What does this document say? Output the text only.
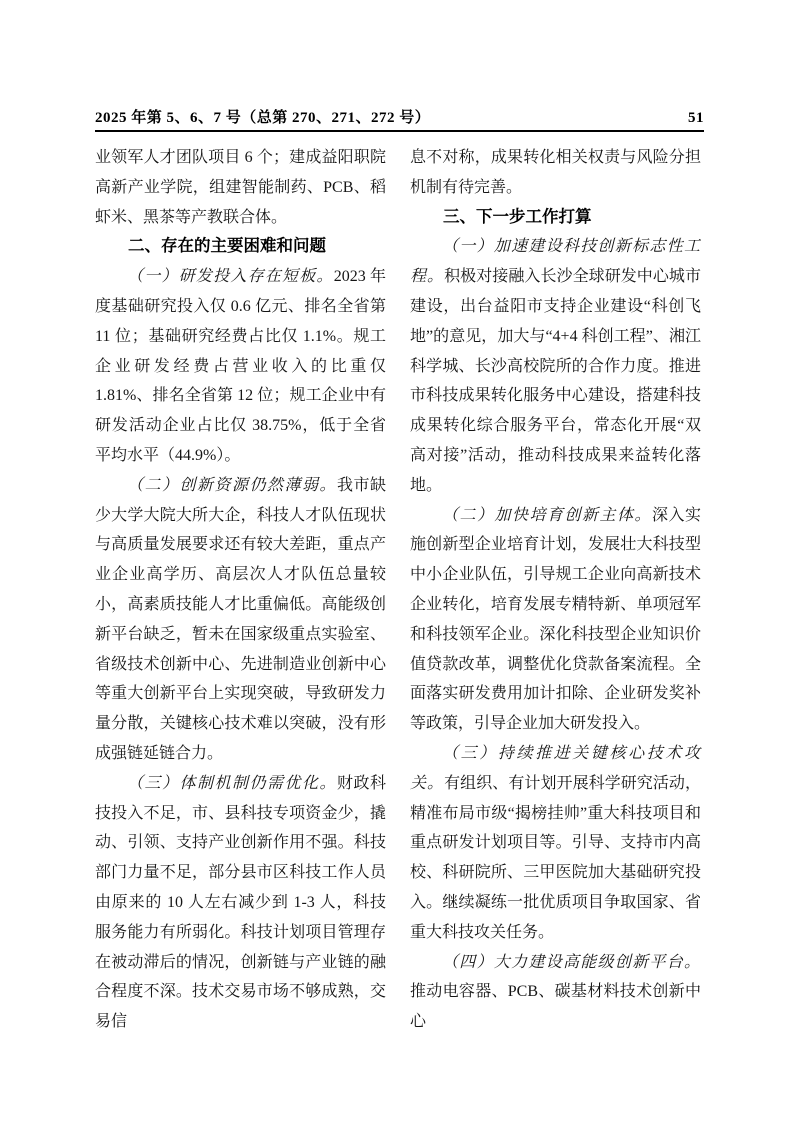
2025 年第 5、6、7 号（总第 270、271、272 号）	51

业领军人才团队项目 6 个；建成益阳职院高新产业学院，组建智能制药、PCB、稻虾米、黑茶等产教联合体。

二、存在的主要困难和问题

（一）研发投入存在短板。2023 年度基础研究投入仅 0.6 亿元、排名全省第 11 位；基础研究经费占比仅 1.1%。规工企业研发经费占营业收入的比重仅 1.81%、排名全省第 12 位；规工企业中有研发活动企业占比仅 38.75%，低于全省平均水平（44.9%）。

（二）创新资源仍然薄弱。我市缺少大学大院大所大企，科技人才队伍现状与高质量发展要求还有较大差距，重点产业企业高学历、高层次人才队伍总量较小，高素质技能人才比重偏低。高能级创新平台缺乏，暂未在国家级重点实验室、省级技术创新中心、先进制造业创新中心等重大创新平台上实现突破，导致研发力量分散，关键核心技术难以突破，没有形成强链延链合力。

（三）体制机制仍需优化。财政科技投入不足，市、县科技专项资金少，撬动、引领、支持产业创新作用不强。科技部门力量不足，部分县市区科技工作人员由原来的 10 人左右减少到 1-3 人，科技服务能力有所弱化。科技计划项目管理存在被动滞后的情况，创新链与产业链的融合程度不深。技术交易市场不够成熟，交易信

息不对称，成果转化相关权责与风险分担机制有待完善。

三、下一步工作打算

（一）加速建设科技创新标志性工程。积极对接融入长沙全球研发中心城市建设，出台益阳市支持企业建设“科创飞地”的意见，加大与“4+4 科创工程”、湘江科学城、长沙高校院所的合作力度。推进市科技成果转化服务中心建设，搭建科技成果转化综合服务平台，常态化开展“双高对接”活动，推动科技成果来益转化落地。

（二）加快培育创新主体。深入实施创新型企业培育计划，发展壮大科技型中小企业队伍，引导规工企业向高新技术企业转化，培育发展专精特新、单项冠军和科技领军企业。深化科技型企业知识价值贷款改革，调整优化贷款备案流程。全面落实研发费用加计扣除、企业研发奖补等政策，引导企业加大研发投入。

（三）持续推进关键核心技术攻关。有组织、有计划开展科学研究活动，精准布局市级“揭榜挂帅”重大科技项目和重点研发计划项目等。引导、支持市内高校、科研院所、三甲医院加大基础研究投入。继续凝练一批优质项目争取国家、省重大科技攻关任务。

（四）大力建设高能级创新平台。推动电容器、PCB、碳基材料技术创新中心
